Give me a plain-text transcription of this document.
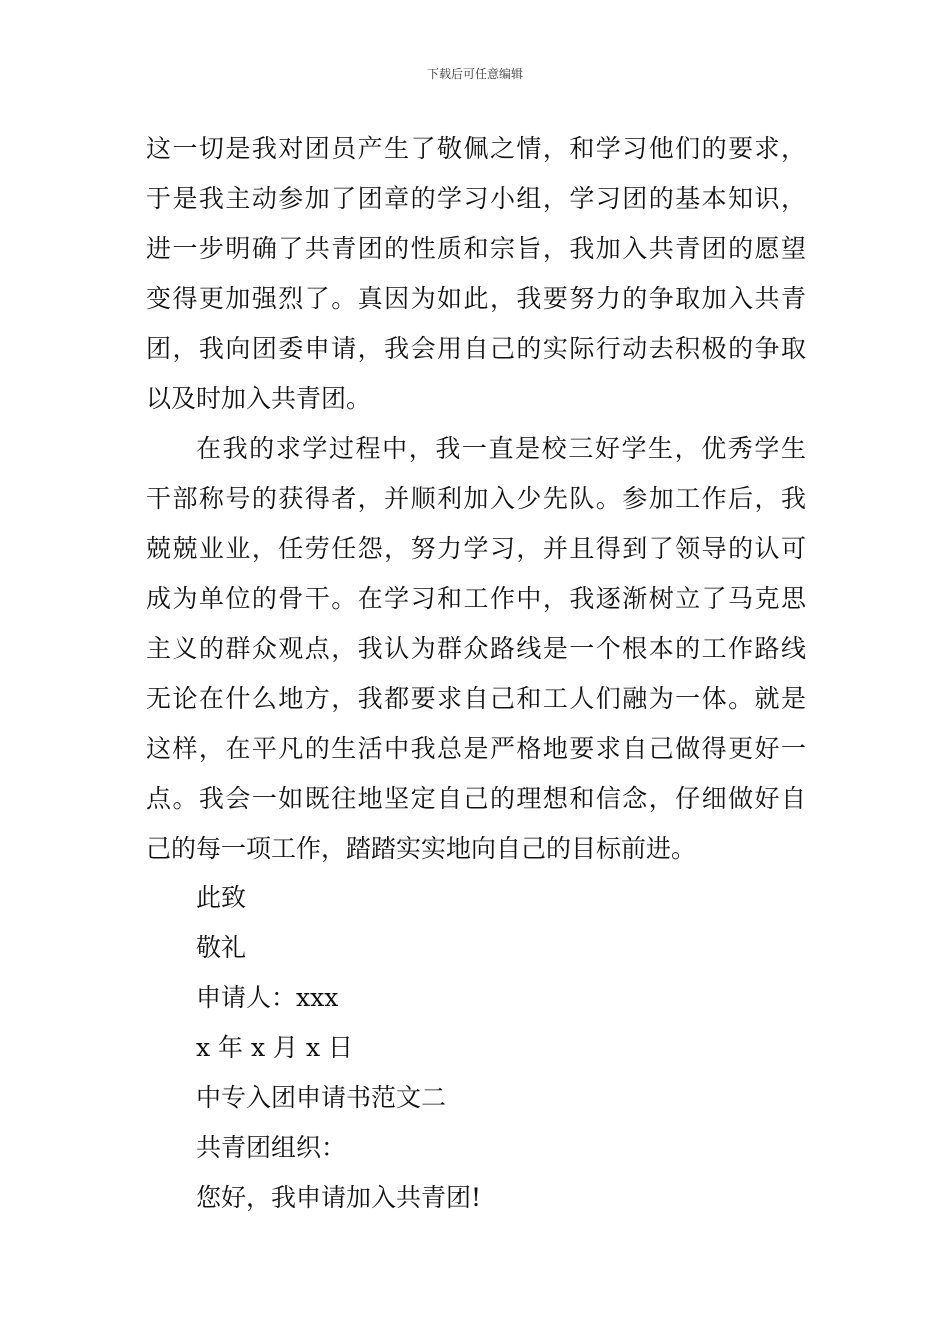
下载后可任意编辑
这一切是我对团员产生了敬佩之情，和学习他们的要求，
于是我主动参加了团章的学习小组，学习团的基本知识，
进一步明确了共青团的性质和宗旨，我加入共青团的愿望
变得更加强烈了。真因为如此，我要努力的争取加入共青
团，我向团委申请，我会用自己的实际行动去积极的争取
以及时加入共青团。
在我的求学过程中，我一直是校三好学生，优秀学生
干部称号的获得者，并顺利加入少先队。参加工作后，我
兢兢业业，任劳任怨，努力学习，并且得到了领导的认可
成为单位的骨干。在学习和工作中，我逐渐树立了马克思
主义的群众观点，我认为群众路线是一个根本的工作路线
无论在什么地方，我都要求自己和工人们融为一体。就是
这样，在平凡的生活中我总是严格地要求自己做得更好一
点。我会一如既往地坚定自己的理想和信念，仔细做好自
己的每一项工作，踏踏实实地向自己的目标前进。
此致
敬礼
申请人：xxx
x 年 x 月 x 日
中专入团申请书范文二
共青团组织：
您好，我申请加入共青团!
